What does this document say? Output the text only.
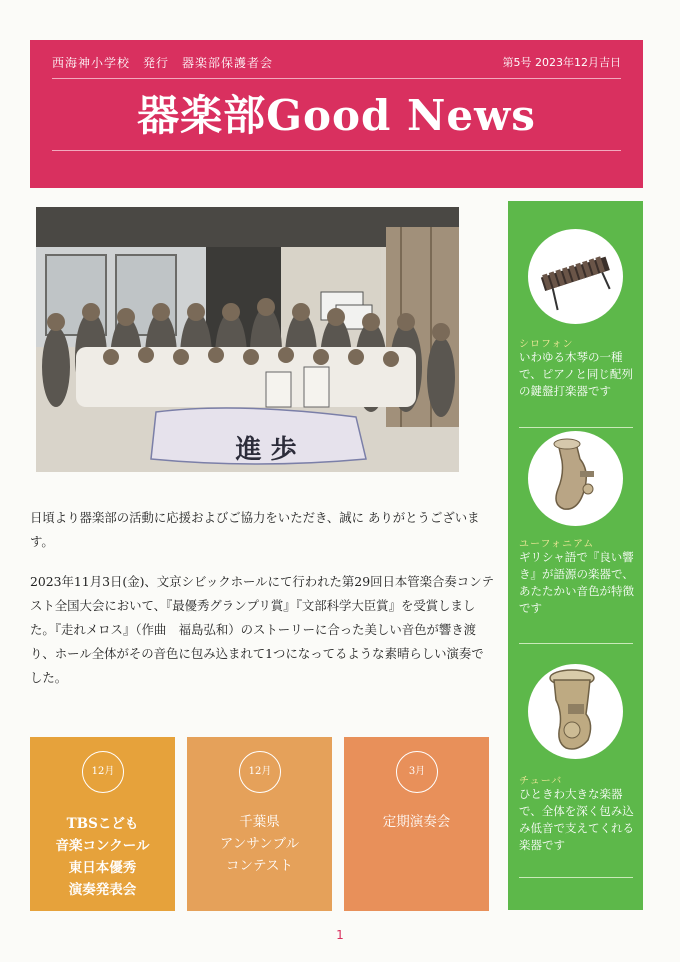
西海神小学校　発行　器楽部保護者会	第5号 2023年12月吉日
器楽部Good News
進 歩
シロフォン
いわゆる木琴の一種で、ピアノと同じ配列の鍵盤打楽器です
ユーフォニアム
ギリシャ語で『良い響き』が語源の楽器で、あたたかい音色が特徴です
チューバ
ひときわ大きな楽器で、全体を深く包み込み低音で支えてくれる楽器です
日頃より器楽部の活動に応援およびご協力をいただき、誠に ありがとうございます。
2023年11月3日(金)、文京シビックホールにて行われた第29回日本管楽合奏コンテスト全国大会において、『最優秀グランプリ賞』『文部科学大臣賞』を受賞しました。『走れメロス』（作曲　福島弘和）のストーリーに合った美しい音色が響き渡り、ホール全体がその音色に包み込まれて1つになってるような素晴らしい演奏でした。
12月
TBSこども
音楽コンクール
東日本優秀
演奏発表会
12月
千葉県
アンサンブル
コンテスト
3月
定期演奏会
1
